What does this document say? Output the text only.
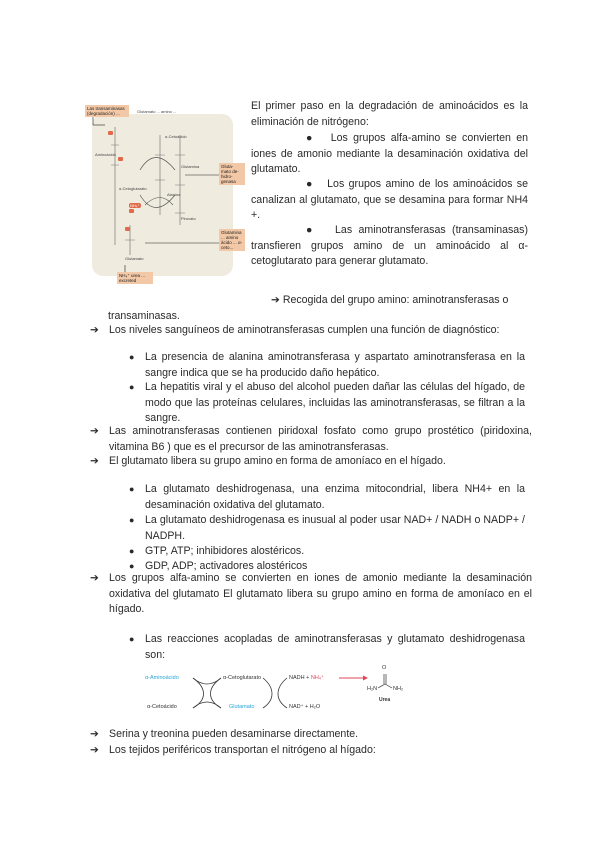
Las transaminasas (degradación) ...
Gluta- mato de- hidro- genasa
Glutamina ... amino ácido ... α-ceto...
NH₄⁺ urea ... excreted
Glutamato ... amino ...
Aminoácido
α-Cetoglutarato
Glutamato
Glutamina
Piruvato
NH₄⁺
Alanina
α-Cetoácido
El primer paso en la degradación de aminoácidos es la eliminación de nitrógeno:
●   Los grupos alfa-amino se convierten en iones de amonio mediante la desaminación oxidativa del glutamato.
●   Los grupos amino de los aminoácidos se canalizan al glutamato, que se desamina para formar NH4 +.
●   Las aminotransferasas (transaminasas) transfieren grupos amino de un aminoácido al α-cetoglutarato para generar glutamato.
➔ Recogida del grupo amino: aminotransferasas o transaminasas.
➔ Los niveles sanguíneos de aminotransferasas cumplen una función de diagnóstico:
● La presencia de alanina aminotransferasa y aspartato aminotransferasa en la sangre indica que se ha producido daño hepático.
● La hepatitis viral y el abuso del alcohol pueden dañar las células del hígado, de modo que las proteínas celulares, incluidas las aminotransferasas, se filtran a la sangre.
➔ Las aminotransferasas contienen piridoxal fosfato como grupo prostético (piridoxina, vitamina B6 ) que es el precursor de las aminotransferasas.
➔ El glutamato libera su grupo amino en forma de amoníaco en el hígado.
● La glutamato deshidrogenasa, una enzima mitocondrial, libera NH4+ en la desaminación oxidativa del glutamato.
● La glutamato deshidrogenasa es inusual al poder usar NAD+ / NADH o NADP+ / NADPH.
● GTP, ATP; inhibidores alostéricos.
● GDP, ADP; activadores alostéricos
➔ Los grupos alfa-amino se convierten en iones de amonio mediante la desaminación oxidativa del glutamato El glutamato libera su grupo amino en forma de amoníaco en el hígado.
● Las reacciones acopladas de aminotransferasas y glutamato deshidrogenasa son:
α-Aminoácido
α-Cetoácido
α-Cetoglutarato
Glutamato
NADH + NH₄⁺
NAD⁺ + H₂O
O
H₂N	NH₂
Urea
➔ Serina y treonina pueden desaminarse directamente.
➔ Los tejidos periféricos transportan el nitrógeno al hígado:
